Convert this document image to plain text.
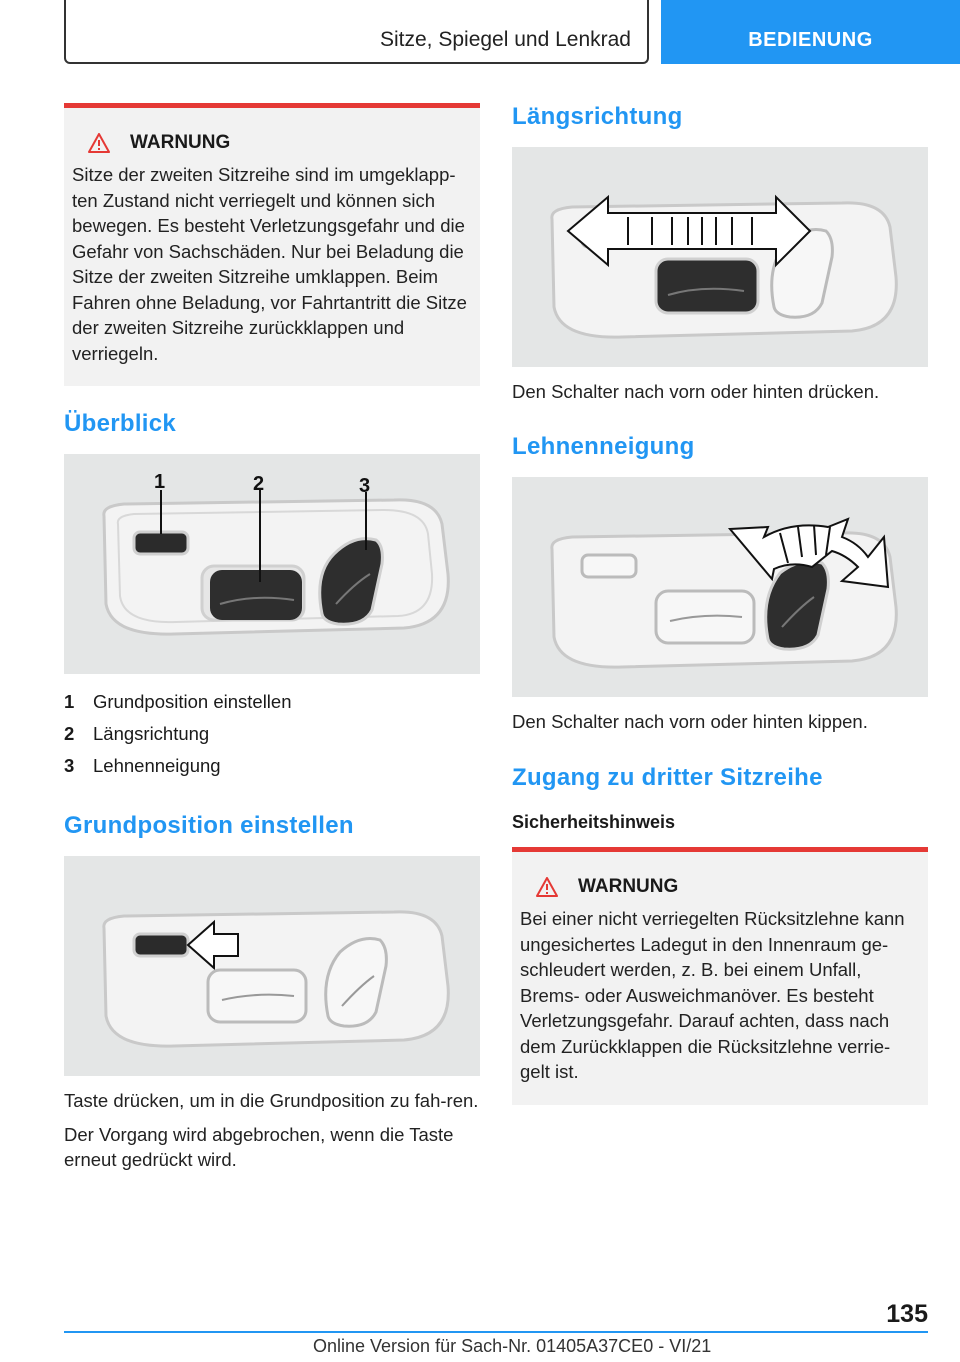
Sitze, Spiegel und Lenkrad	BEDIENUNG
WARNUNG
Sitze der zweiten Sitzreihe sind im umgeklapp-ten Zustand nicht verriegelt und können sich bewegen. Es besteht Verletzungsgefahr und die Gefahr von Sachschäden. Nur bei Beladung die Sitze der zweiten Sitzreihe umklappen. Beim Fahren ohne Beladung, vor Fahrtantritt die Sitze der zweiten Sitzreihe zurückklappen und verriegeln.
Überblick
1	2	3
1	Grundposition einstellen
2	Längsrichtung
3	Lehnenneigung
Grundposition einstellen

Taste drücken, um in die Grundposition zu fah-ren.

Der Vorgang wird abgebrochen, wenn die Taste erneut gedrückt wird.

Längsrichtung

Den Schalter nach vorn oder hinten drücken.

Lehnenneigung

Den Schalter nach vorn oder hinten kippen.

Zugang zu dritter Sitzreihe
Sicherheitshinweis
WARNUNG
Bei einer nicht verriegelten Rücksitzlehne kann ungesichertes Ladegut in den Innenraum ge-schleudert werden, z. B. bei einem Unfall, Brems- oder Ausweichmanöver. Es besteht Verletzungsgefahr. Darauf achten, dass nach dem Zurückklappen die Rücksitzlehne verrie-gelt ist.
135
Online Version für Sach-Nr. 01405A37CE0 - VI/21
